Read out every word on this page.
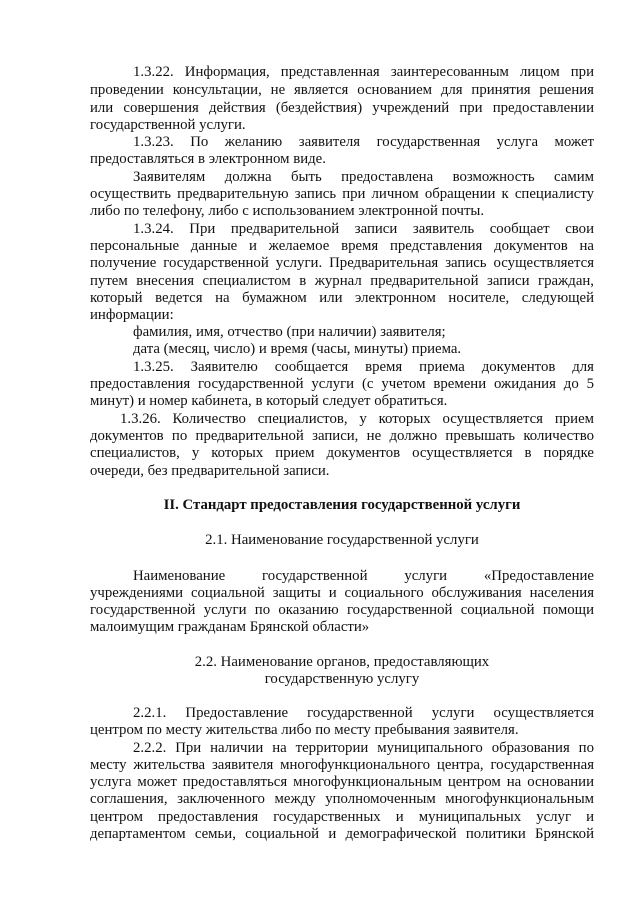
1.3.22. Информация, представленная заинтересованным лицом при
проведении консультации, не является основанием для принятия решения
или совершения действия (бездействия) учреждений при предоставлении
государственной услуги.
1.3.23. По желанию заявителя государственная услуга может
предоставляться в электронном виде.
Заявителям должна быть предоставлена возможность самим
осуществить предварительную запись при личном обращении к специалисту
либо по телефону, либо с использованием электронной почты.
1.3.24. При предварительной записи заявитель сообщает свои
персональные данные и желаемое время представления документов на
получение государственной услуги. Предварительная запись осуществляется
путем внесения специалистом в журнал предварительной записи граждан,
который ведется на бумажном или электронном носителе, следующей
информации:
фамилия, имя, отчество (при наличии) заявителя;
дата (месяц, число) и время (часы, минуты) приема.
1.3.25. Заявителю сообщается время приема документов для
предоставления государственной услуги (с учетом времени ожидания до 5
минут) и номер кабинета, в который следует обратиться.
1.3.26. Количество специалистов, у которых осуществляется прием
документов по предварительной записи, не должно превышать количество
специалистов, у которых прием документов осуществляется в порядке
очереди, без предварительной записи.
II. Стандарт предоставления государственной услуги
2.1. Наименование государственной услуги
Наименование государственной услуги «Предоставление
учреждениями социальной защиты и социального обслуживания населения
государственной услуги по оказанию государственной социальной помощи
малоимущим гражданам Брянской области»
2.2. Наименование органов, предоставляющих
государственную услугу
2.2.1. Предоставление государственной услуги осуществляется
центром по месту жительства либо по месту пребывания заявителя.
2.2.2. При наличии на территории муниципального образования по
месту жительства заявителя многофункционального центра, государственная
услуга может предоставляться многофункциональным центром на основании
соглашения, заключенного между уполномоченным многофункциональным
центром предоставления государственных и муниципальных услуг и
департаментом семьи, социальной и демографической политики Брянской
